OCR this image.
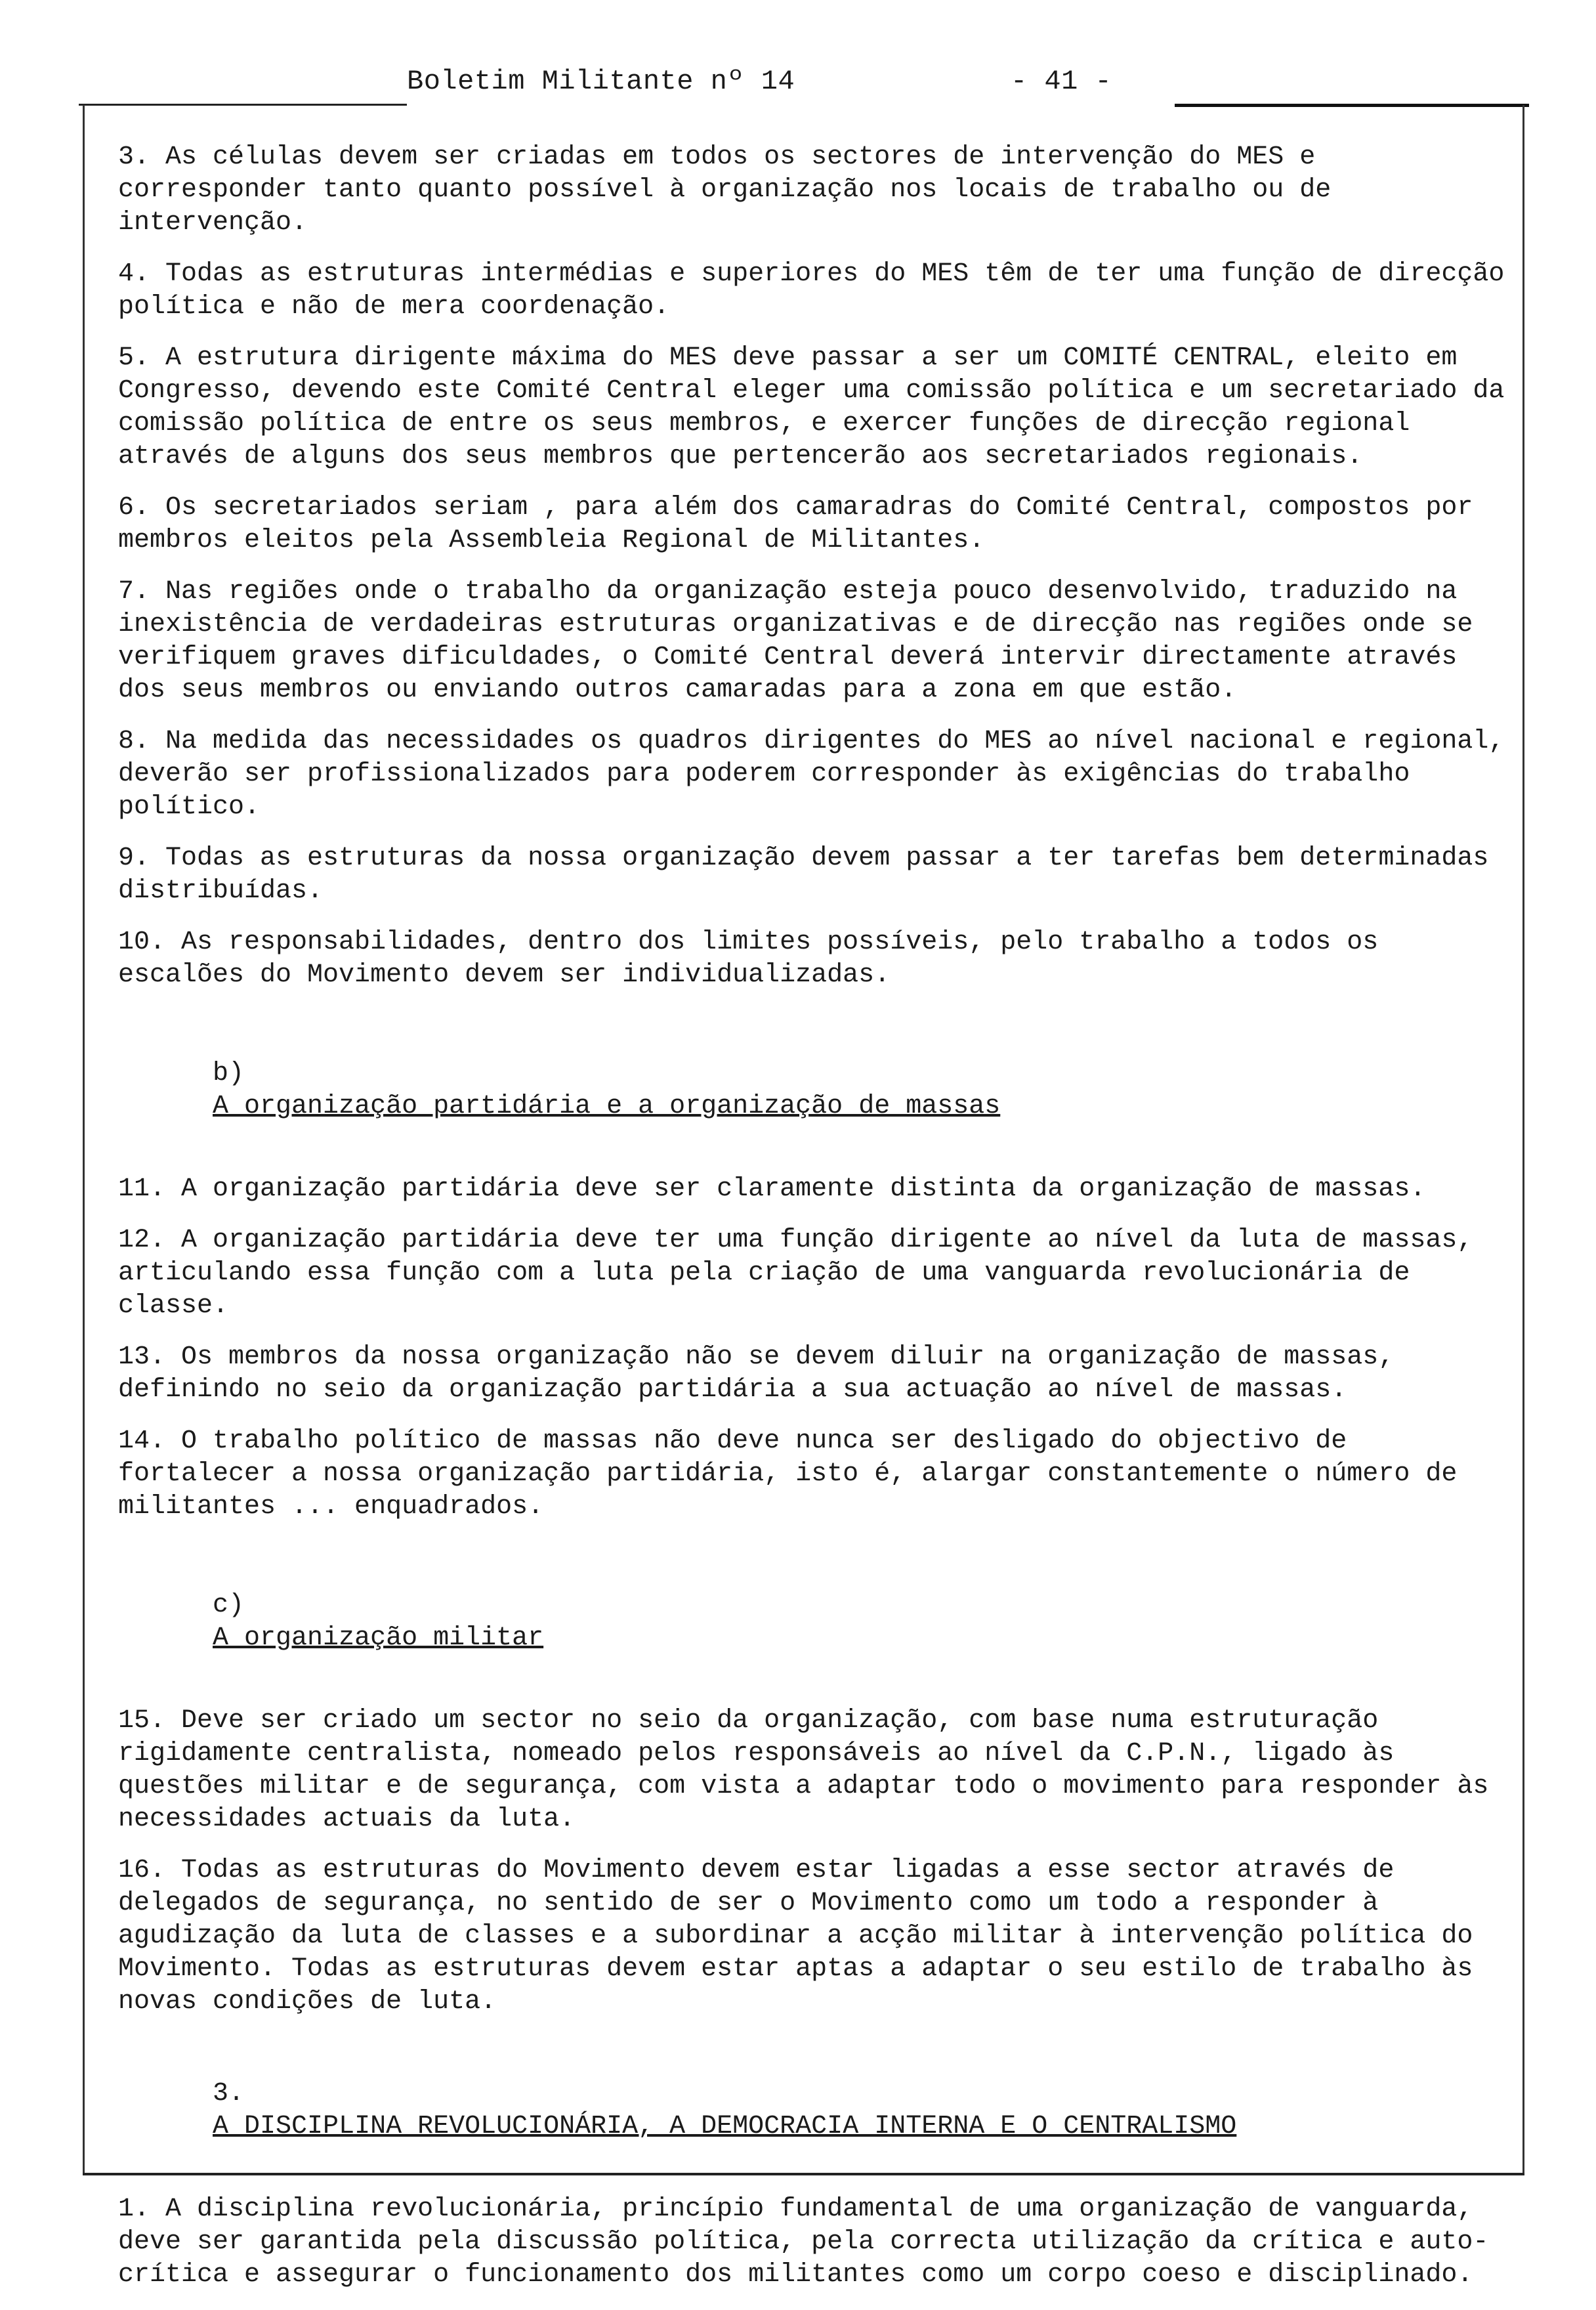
Boletim Militante nº 14	- 41 -

3. As células devem ser criadas em todos os sectores de intervenção do MES e corresponder tanto quanto possível à organização nos locais de trabalho ou de intervenção.

4. Todas as estruturas intermédias e superiores do MES têm de ter uma função de direcção política e não de mera coordenação.

5. A estrutura dirigente máxima do MES deve passar a ser um COMITÉ CENTRAL, eleito em Congresso, devendo este Comité Central eleger uma comissão política e um secretariado da comissão política de entre os seus membros, e exercer funções de direcção regional através de alguns dos seus membros que pertencerão aos secretariados regionais.

6. Os secretariados seriam , para além dos camaradras do Comité Central, compostos por membros eleitos pela Assembleia Regional de Militantes.

7. Nas regiões onde o trabalho da organização esteja pouco desenvolvido, traduzido na inexistência de verdadeiras estruturas organizativas e de direcção nas regiões onde se verifiquem graves dificuldades, o Comité Central deverá intervir directamente através dos seus membros ou enviando outros camaradas para a zona em que estão.

8. Na medida das necessidades os quadros dirigentes do MES ao nível nacional e regional, deverão ser profissionalizados para poderem corresponder às exigências do trabalho político.

9. Todas as estruturas da nossa organização devem passar a ter tarefas bem determinadas distribuídas.

10. As responsabilidades, dentro dos limites possíveis, pelo trabalho a todos os escalões do Movimento devem ser individualizadas.

b)
A organização partidária e a organização de massas

11. A organização partidária deve ser claramente distinta da organização de massas.

12. A organização partidária deve ter uma função dirigente ao nível da luta de massas, articulando essa função com a luta pela criação de uma vanguarda revolucionária de classe.

13. Os membros da nossa organização não se devem diluir na organização de massas, definindo no seio da organização partidária a sua actuação ao nível de massas.

14. O trabalho político de massas não deve nunca ser desligado do objectivo de fortalecer a nossa organização partidária, isto é, alargar constantemente o número de militantes ... enquadrados.

c)
A organização militar

15. Deve ser criado um sector no seio da organização, com base numa estruturação rigidamente centralista, nomeado pelos responsáveis ao nível da C.P.N., ligado às questões militar e de segurança, com vista a adaptar todo o movimento para responder às necessidades actuais da luta.

16. Todas as estruturas do Movimento devem estar ligadas a esse sector através de delegados de segurança, no sentido de ser o Movimento como um todo a responder à agudização da luta de classes e a subordinar a acção militar à intervenção política do Movimento. Todas as estruturas devem estar aptas a adaptar o seu estilo de trabalho às novas condições de luta.

3.
A DISCIPLINA REVOLUCIONÁRIA, A DEMOCRACIA INTERNA E O CENTRALISMO

1. A disciplina revolucionária, princípio fundamental de uma organização de vanguarda, deve ser garantida pela discussão política, pela correcta utilização da crítica e auto-crítica e assegurar o funcionamento dos militantes como um corpo coeso e disciplinado.
